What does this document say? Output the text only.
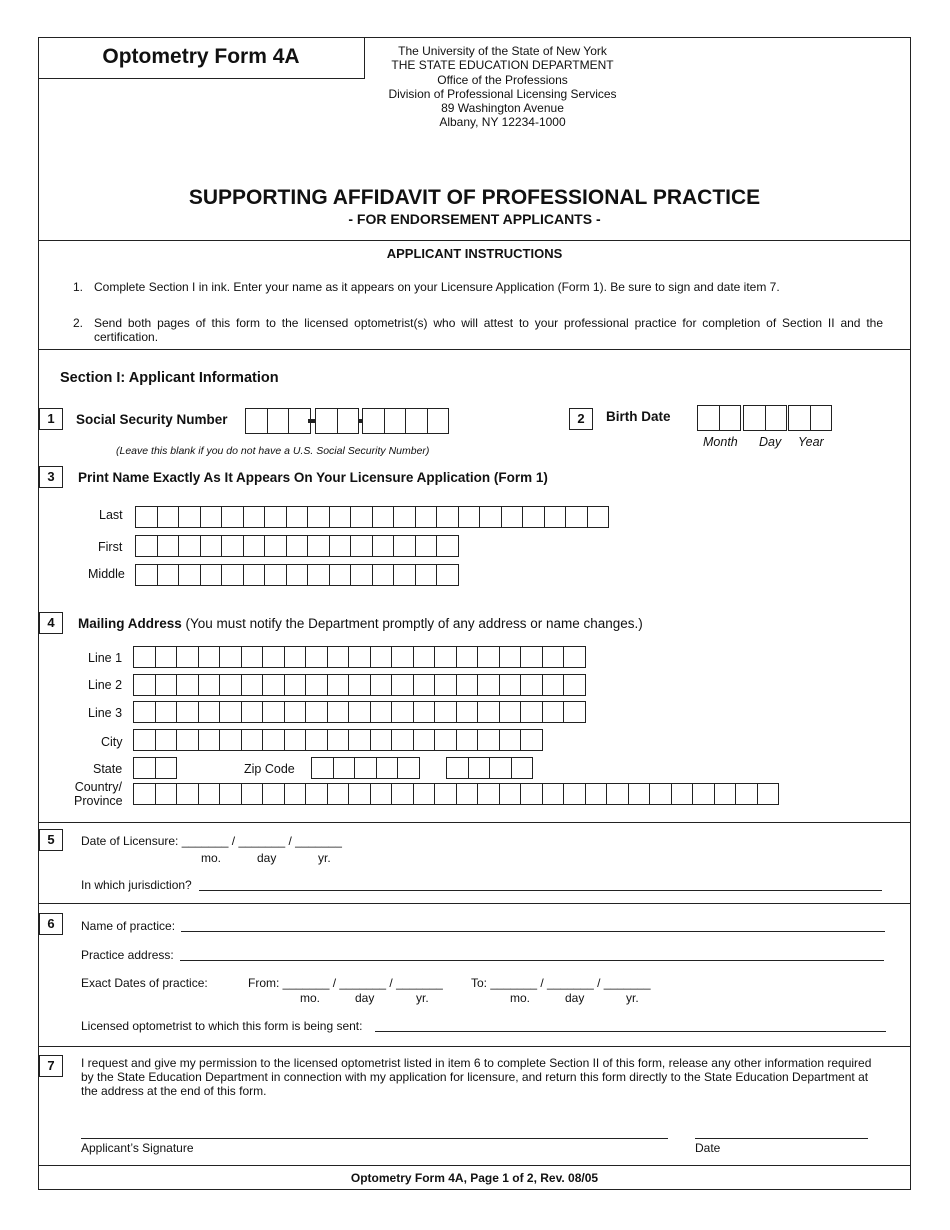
Optometry Form 4A	The University of the State of New York
THE STATE EDUCATION DEPARTMENT
Office of the Professions
Division of Professional Licensing Services
89 Washington Avenue
Albany, NY 12234-1000
SUPPORTING AFFIDAVIT OF PROFESSIONAL PRACTICE
- FOR ENDORSEMENT APPLICANTS -
APPLICANT INSTRUCTIONS
1. Complete Section I in ink. Enter your name as it appears on your Licensure Application (Form 1). Be sure to sign and date item 7.
2. Send both pages of this form to the licensed optometrist(s) who will attest to your professional practice for completion of Section II and the certification.
Section I: Applicant Information
1	Social Security Number
(Leave this blank if you do not have a U.S. Social Security Number)
2	Birth Date
Month Day Year
3	Print Name Exactly As It Appears On Your Licensure Application (Form 1)
Last
First
Middle
4	Mailing Address (You must notify the Department promptly of any address or name changes.)
Line 1
Line 2
Line 3
City
State	Zip Code
Country/
Province
5	Date of Licensure: _______ / _______ / _______
mo.	day	yr.
In which jurisdiction?
6	Name of practice:
Practice address:
Exact Dates of practice:	From: _______ / _______ / _______ To: _______ / _______ / _______
mo.	day	yr.	mo.	day	yr.
Licensed optometrist to which this form is being sent:
7	I request and give my permission to the licensed optometrist listed in item 6 to complete Section II of this form, release any other information required by the State Education Department in connection with my application for licensure, and return this form directly to the State Education Department at the address at the end of this form.
Applicant’s Signature	Date
Optometry Form 4A, Page 1 of 2, Rev. 08/05
